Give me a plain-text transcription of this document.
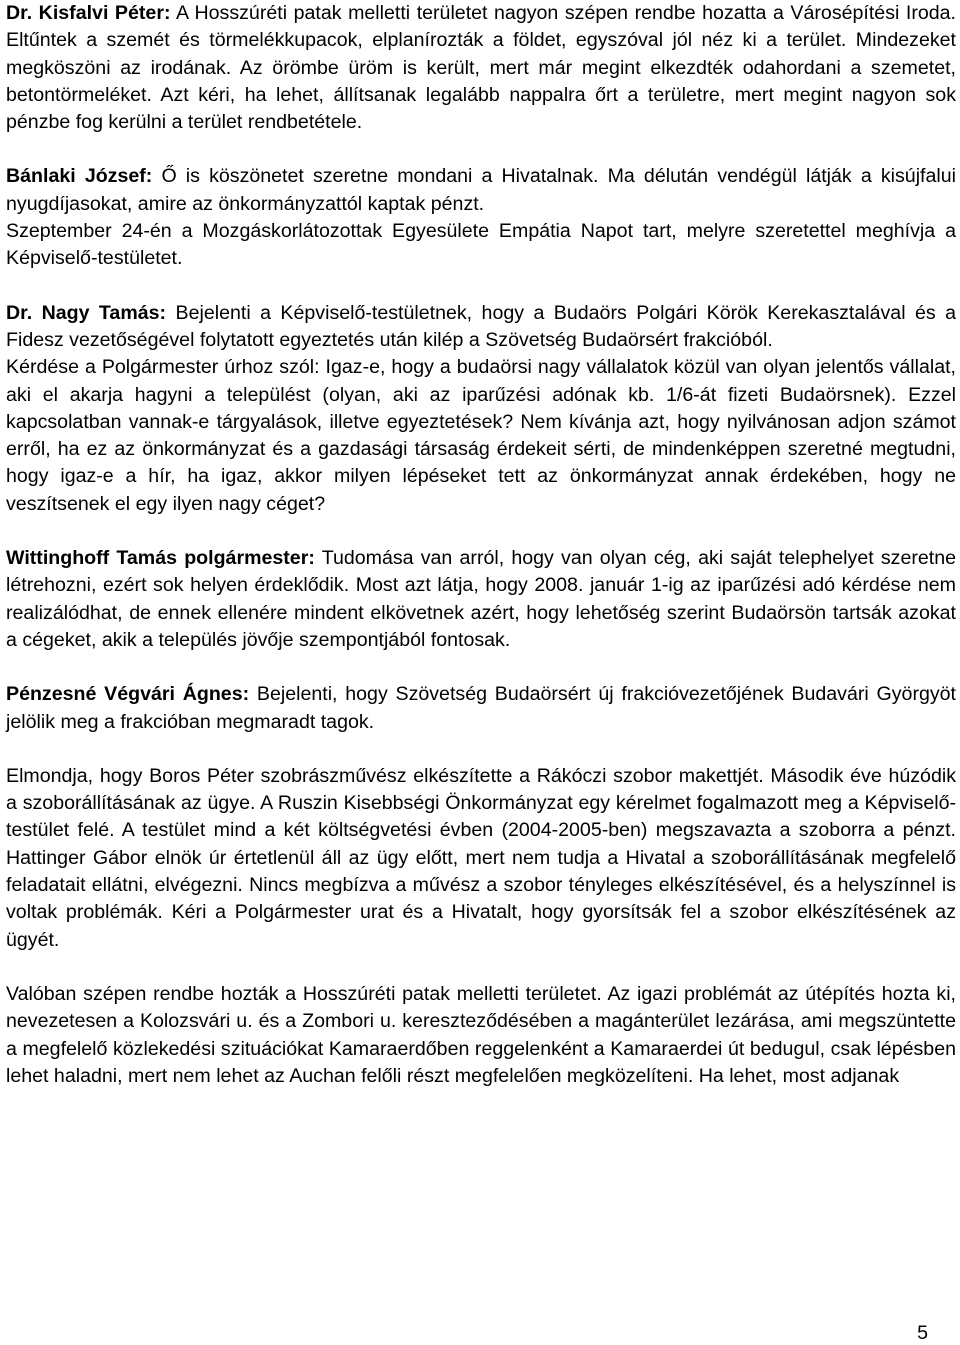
Dr. Kisfalvi Péter: A Hosszúréti patak melletti területet nagyon szépen rendbe hozatta a Városépítési Iroda. Eltűntek a szemét és törmelékkupacok, elplanírozták a földet, egyszóval jól néz ki a terület. Mindezeket megköszöni az irodának. Az örömbe üröm is került, mert már megint elkezdték odahordani a szemetet, betontörmeléket. Azt kéri, ha lehet, állítsanak legalább nappalra őrt a területre, mert megint nagyon sok pénzbe fog kerülni a terület rendbetétele.

Bánlaki József: Ő is köszönetet szeretne mondani a Hivatalnak. Ma délután vendégül látják a kisújfalui nyugdíjasokat, amire az önkormányzattól kaptak pénzt.

Szeptember 24-én a Mozgáskorlátozottak Egyesülete Empátia Napot tart, melyre szeretettel meghívja a Képviselő-testületet.

Dr. Nagy Tamás: Bejelenti a Képviselő-testületnek, hogy a Budaörs Polgári Körök Kerekasztalával és a Fidesz vezetőségével folytatott egyeztetés után kilép a Szövetség Budaörsért frakcióból.

Kérdése a Polgármester úrhoz szól: Igaz-e, hogy a budaörsi nagy vállalatok közül van olyan jelentős vállalat, aki el akarja hagyni a települést (olyan, aki az iparűzési adónak kb. 1/6-át fizeti Budaörsnek). Ezzel kapcsolatban vannak-e tárgyalások, illetve egyeztetések? Nem kívánja azt, hogy nyilvánosan adjon számot erről, ha ez az önkormányzat és a gazdasági társaság érdekeit sérti, de mindenképpen szeretné megtudni, hogy igaz-e a hír, ha igaz, akkor milyen lépéseket tett az önkormányzat annak érdekében, hogy ne veszítsenek el egy ilyen nagy céget?

Wittinghoff Tamás polgármester: Tudomása van arról, hogy van olyan cég, aki saját telephelyet szeretne létrehozni, ezért sok helyen érdeklődik. Most azt látja, hogy 2008. január 1-ig az iparűzési adó kérdése nem realizálódhat, de ennek ellenére mindent elkövetnek azért, hogy lehetőség szerint Budaörsön tartsák azokat a cégeket, akik a település jövője szempontjából fontosak.

Pénzesné Végvári Ágnes: Bejelenti, hogy Szövetség Budaörsért új frakcióvezetőjének Budavári Györgyöt jelölik meg a frakcióban megmaradt tagok.

Elmondja, hogy Boros Péter szobrászművész elkészítette a Rákóczi szobor makettjét. Második éve húzódik a szoborállításának az ügye. A Ruszin Kisebbségi Önkormányzat egy kérelmet fogalmazott meg a Képviselő-testület felé. A testület mind a két költségvetési évben (2004-2005-ben) megszavazta a szoborra a pénzt. Hattinger Gábor elnök úr értetlenül áll az ügy előtt, mert nem tudja a Hivatal a szoborállításának megfelelő feladatait ellátni, elvégezni. Nincs megbízva a művész a szobor tényleges elkészítésével, és a helyszínnel is voltak problémák. Kéri a Polgármester urat és a Hivatalt, hogy gyorsítsák fel a szobor elkészítésének az ügyét.

Valóban szépen rendbe hozták a Hosszúréti patak melletti területet. Az igazi problémát az útépítés hozta ki, nevezetesen a Kolozsvári u. és a Zombori u. kereszteződésében a magánterület lezárása, ami megszüntette a megfelelő közlekedési szituációkat Kamaraerdőben reggelenként a Kamaraerdei út bedugul, csak lépésben lehet haladni, mert nem lehet az Auchan felőli részt megfelelően megközelíteni. Ha lehet, most adjanak

5
